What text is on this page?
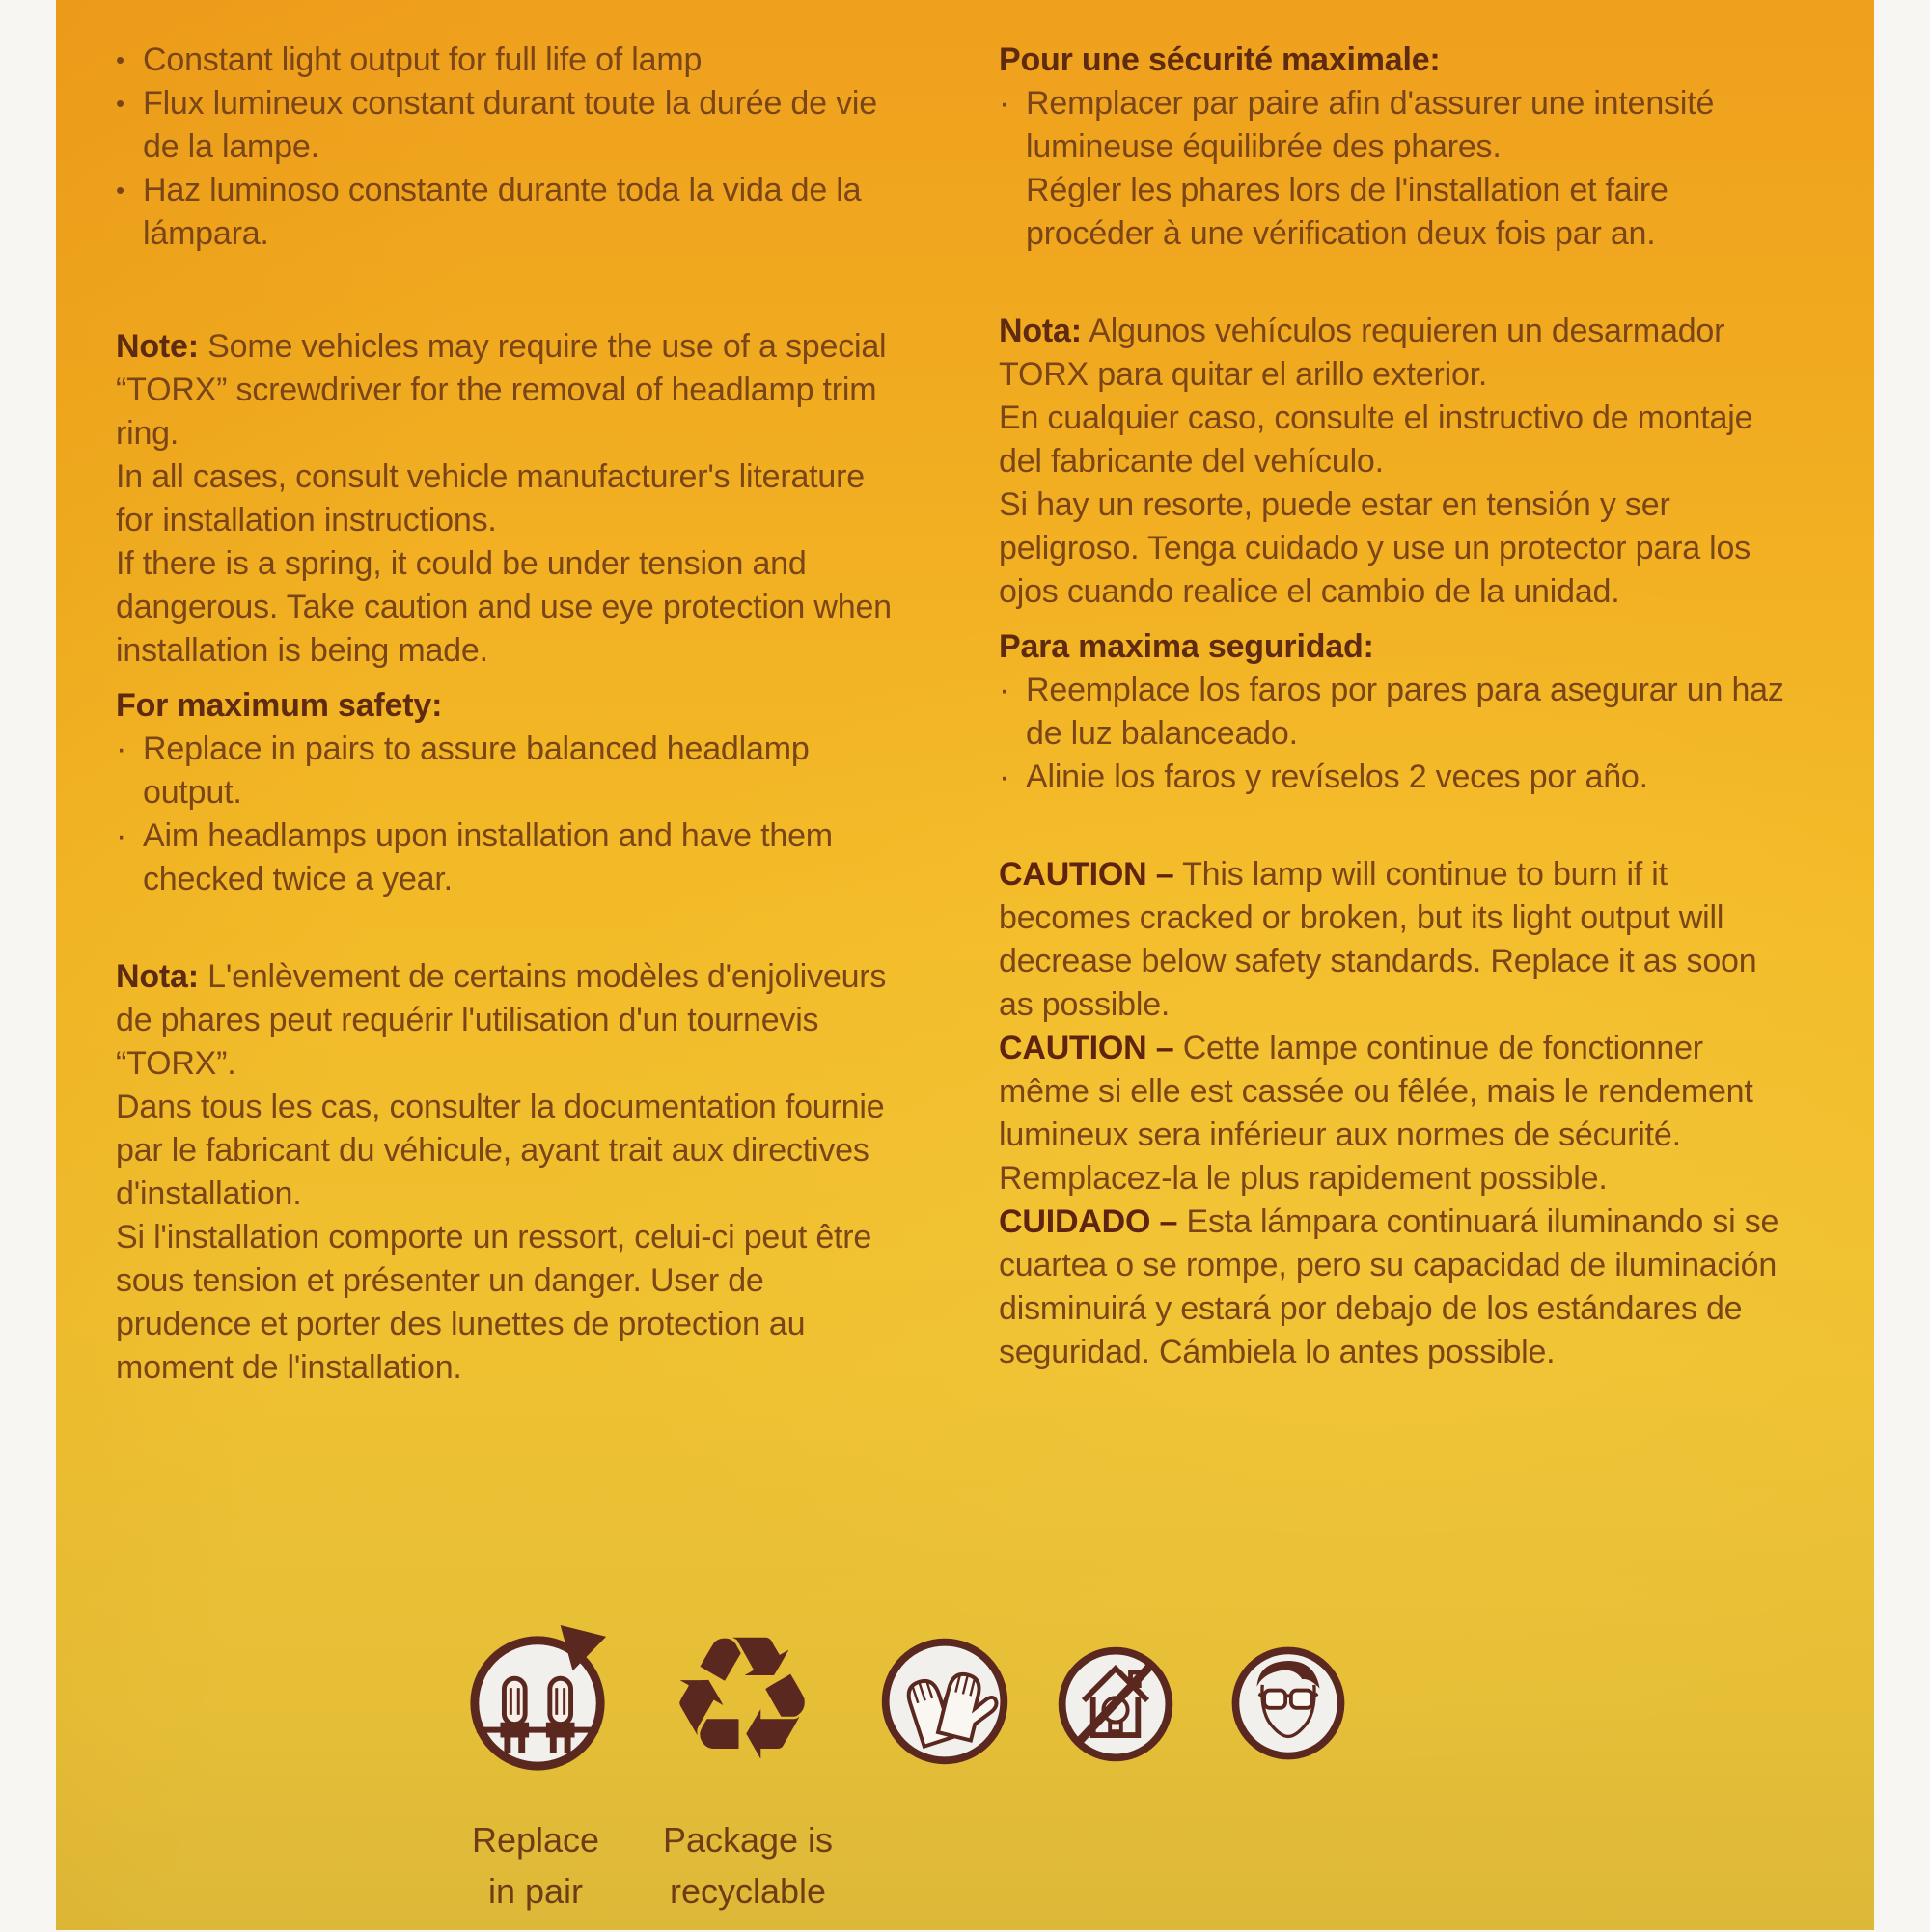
• Constant light output for full life of lamp
• Flux lumineux constant durant toute la durée de vie de la lampe.
• Haz luminoso constante durante toda la vida de la lámpara.

Note: Some vehicles may require the use of a special “TORX” screwdriver for the removal of headlamp trim ring.

In all cases, consult vehicle manufacturer's literature for installation instructions.

If there is a spring, it could be under tension and dangerous. Take caution and use eye protection when installation is being made.

For maximum safety:

· Replace in pairs to assure balanced headlamp output.
· Aim headlamps upon installation and have them checked twice a year.

Nota: L'enlèvement de certains modèles d'enjoliveurs de phares peut requérir l'utilisation d'un tournevis “TORX”.

Dans tous les cas, consulter la documentation fournie par le fabricant du véhicule, ayant trait aux directives d'installation.

Si l'installation comporte un ressort, celui-ci peut être sous tension et présenter un danger. User de prudence et porter des lunettes de protection au moment de l'installation.

Pour une sécurité maximale:

· Remplacer par paire afin d'assurer une intensité lumineuse équilibrée des phares.

Régler les phares lors de l'installation et faire procéder à une vérification deux fois par an.

Nota: Algunos vehículos requieren un desarmador TORX para quitar el arillo exterior.

En cualquier caso, consulte el instructivo de montaje del fabricante del vehículo.

Si hay un resorte, puede estar en tensión y ser peligroso. Tenga cuidado y use un protector para los ojos cuando realice el cambio de la unidad.

Para maxima seguridad:

· Reemplace los faros por pares para asegurar un haz de luz balanceado.
· Alinie los faros y revíselos 2 veces por año.

CAUTION – This lamp will continue to burn if it becomes cracked or broken, but its light output will decrease below safety standards. Replace it as soon as possible.

CAUTION – Cette lampe continue de fonctionner même si elle est cassée ou fêlée, mais le rendement lumineux sera inférieur aux normes de sécurité. Remplacez-la le plus rapidement possible.

CUIDADO – Esta lámpara continuará iluminando si se cuartea o se rompe, pero su capacidad de iluminación disminuirá y estará por debajo de los estándares de seguridad. Cámbiela lo antes possible.

♻
Replace
in pair
Package is
recyclable
